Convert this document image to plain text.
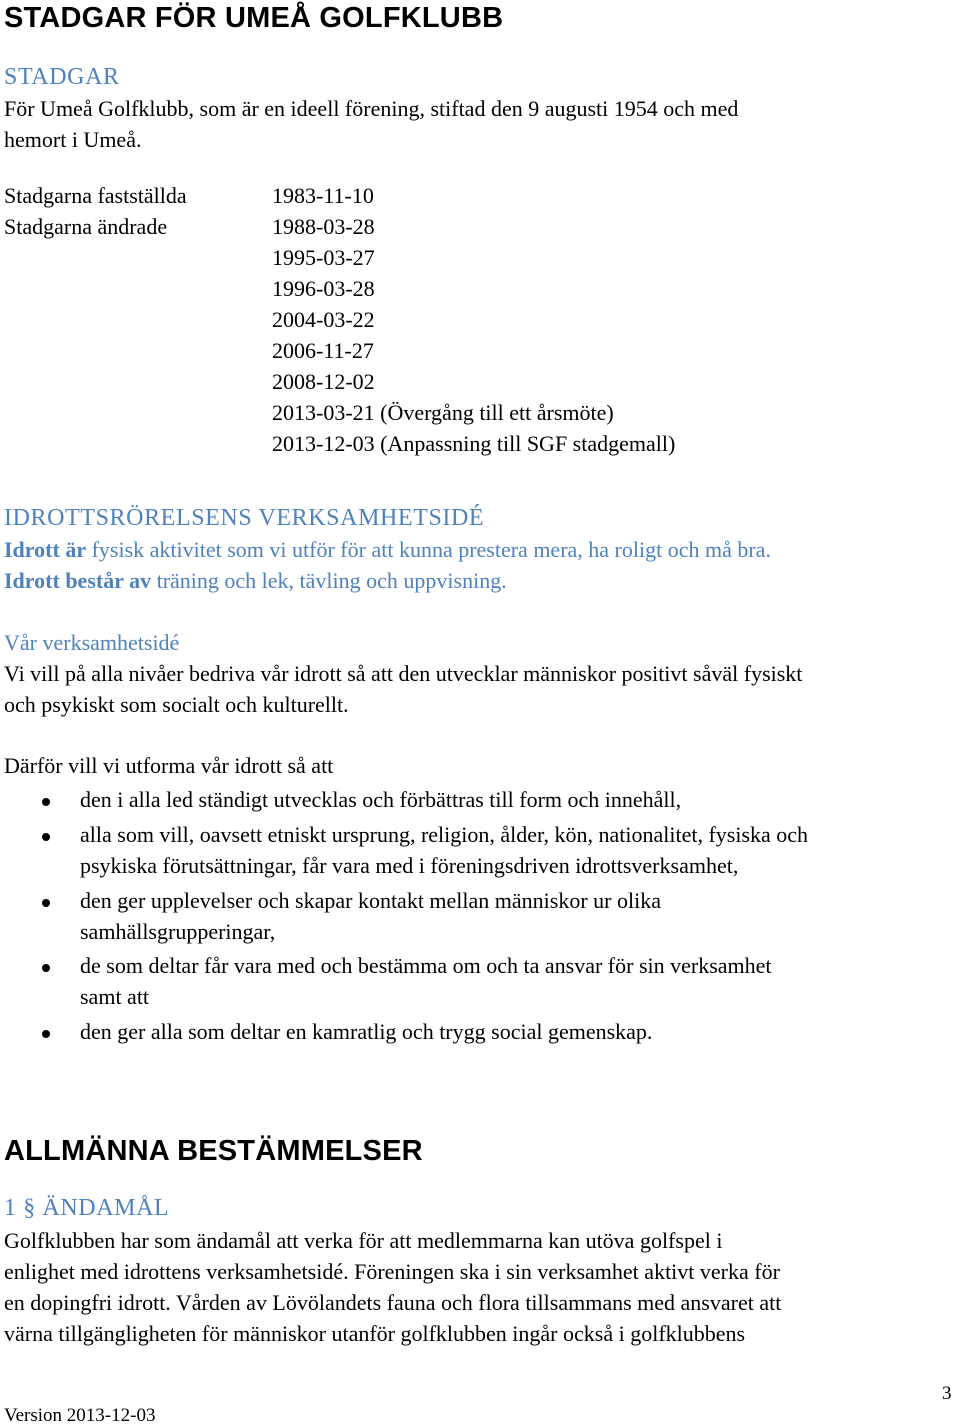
STADGAR FÖR UMEÅ GOLFKLUBB
STADGAR
För Umeå Golfklubb, som är en ideell förening, stiftad den 9 augusti 1954 och med
hemort i Umeå.
Stadgarna fastställda	1983-11-10
Stadgarna ändrade	1988-03-28
1995-03-27
1996-03-28
2004-03-22
2006-11-27
2008-12-02
2013-03-21 (Övergång till ett årsmöte)
2013-12-03 (Anpassning till SGF stadgemall)
IDROTTSRÖRELSENS VERKSAMHETSIDÉ
Idrott är fysisk aktivitet som vi utför för att kunna prestera mera, ha roligt och må bra.
Idrott består av träning och lek, tävling och uppvisning.
Vår verksamhetsidé
Vi vill på alla nivåer bedriva vår idrott så att den utvecklar människor positivt såväl fysiskt
och psykiskt som socialt och kulturellt.
Därför vill vi utforma vår idrott så att
den i alla led ständigt utvecklas och förbättras till form och innehåll,
alla som vill, oavsett etniskt ursprung, religion, ålder, kön, nationalitet, fysiska och
psykiska förutsättningar, får vara med i föreningsdriven idrottsverksamhet,
den ger upplevelser och skapar kontakt mellan människor ur olika
samhällsgrupperingar,
de som deltar får vara med och bestämma om och ta ansvar för sin verksamhet
samt att
den ger alla som deltar en kamratlig och trygg social gemenskap.
ALLMÄNNA BESTÄMMELSER
1 § ÄNDAMÅL
Golfklubben har som ändamål att verka för att medlemmarna kan utöva golfspel i
enlighet med idrottens verksamhetsidé. Föreningen ska i sin verksamhet aktivt verka för
en dopingfri idrott. Vården av Lövölandets fauna och flora tillsammans med ansvaret att
värna tillgängligheten för människor utanför golfklubben ingår också i golfklubbens
3
Version 2013-12-03
